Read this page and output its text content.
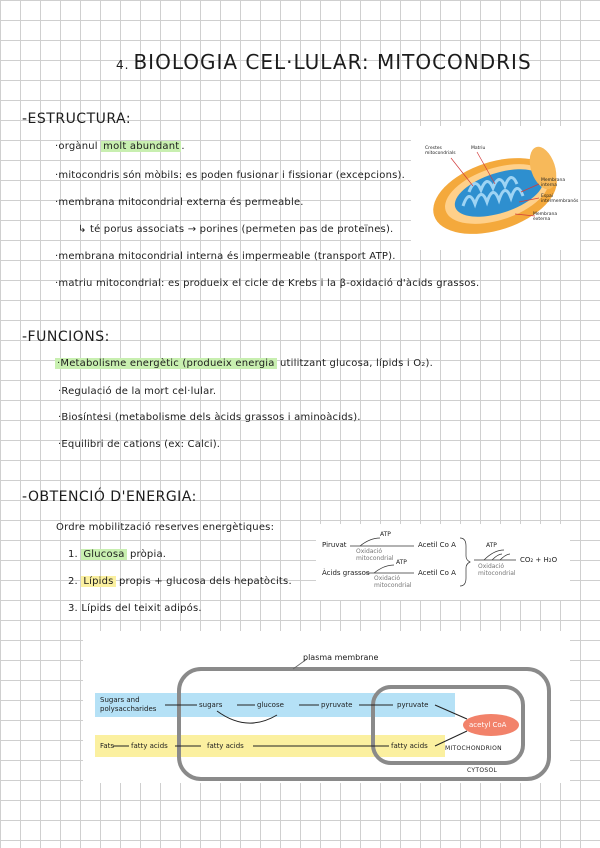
4. BIOLOGIA CEL·LULAR: MITOCONDRIS
-ESTRUCTURA:
·orgànul molt abundant .
·mitocondris són mòbils: es poden fusionar i fissionar (excepcions).
·membrana mitocondrial externa és permeable.
↳ té porus associats → porines (permeten pas de proteïnes).
·membrana mitocondrial interna és impermeable (transport ATP).
·matriu mitocondrial: es produeix el cicle de Krebs i la β-oxidació d'àcids grassos.
Crestes mitocondrials
Matriu
Membrana interna
Espai intermembranós
Membrana externa
-FUNCIONS:
·Metabolisme energètic (produeix energia utilitzant glucosa, lípids i O₂).
·Regulació de la mort cel·lular.
·Biosíntesi (metabolisme dels àcids grassos i aminoàcids).
·Equilibri de cations (ex: Calci).
-OBTENCIÓ D'ENERGIA:
Ordre mobilització reserves energètiques:
1. Glucosa pròpia.
2. Lípids propis + glucosa dels hepatòcits.
3. Lípids del teixit adipós.
Piruvat
ATP
Oxidació
mitocondrial
Acetil Co A
Àcids grassos
ATP
Oxidació
mitocondrial
Acetil Co A
ATP
Oxidació
mitocondrial
CO₂ + H₂O
plasma membrane
Sugars and
polysaccharides	sugars	glucose	pyruvate	pyruvate
Fats fatty acids	fatty acids	fatty acids
acetyl CoA
MITOCHONDRION
CYTOSOL
